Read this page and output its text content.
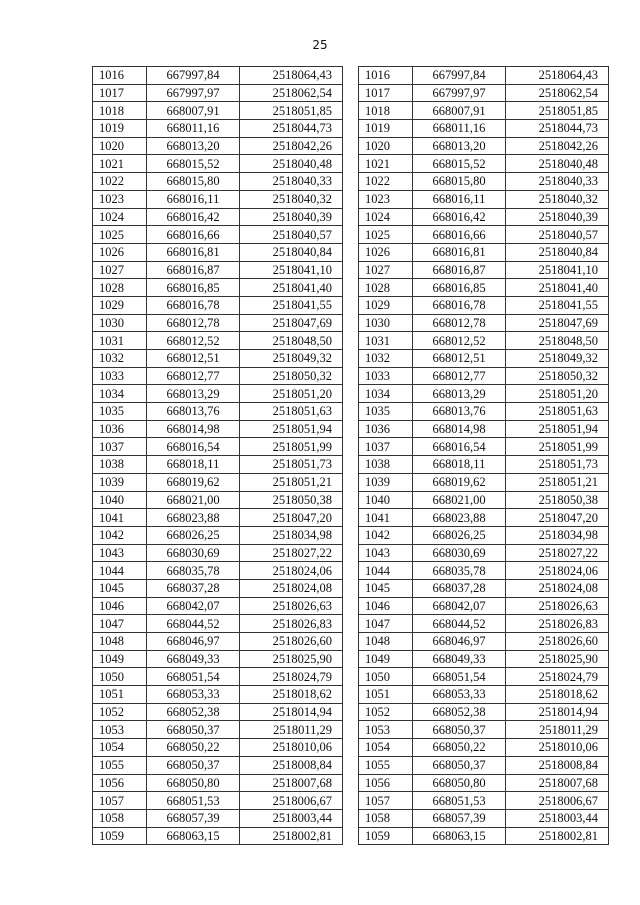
25
1016	667997,84	2518064,43
1017	667997,97	2518062,54
1018	668007,91	2518051,85
1019	668011,16	2518044,73
1020	668013,20	2518042,26
1021	668015,52	2518040,48
1022	668015,80	2518040,33
1023	668016,11	2518040,32
1024	668016,42	2518040,39
1025	668016,66	2518040,57
1026	668016,81	2518040,84
1027	668016,87	2518041,10
1028	668016,85	2518041,40
1029	668016,78	2518041,55
1030	668012,78	2518047,69
1031	668012,52	2518048,50
1032	668012,51	2518049,32
1033	668012,77	2518050,32
1034	668013,29	2518051,20
1035	668013,76	2518051,63
1036	668014,98	2518051,94
1037	668016,54	2518051,99
1038	668018,11	2518051,73
1039	668019,62	2518051,21
1040	668021,00	2518050,38
1041	668023,88	2518047,20
1042	668026,25	2518034,98
1043	668030,69	2518027,22
1044	668035,78	2518024,06
1045	668037,28	2518024,08
1046	668042,07	2518026,63
1047	668044,52	2518026,83
1048	668046,97	2518026,60
1049	668049,33	2518025,90
1050	668051,54	2518024,79
1051	668053,33	2518018,62
1052	668052,38	2518014,94
1053	668050,37	2518011,29
1054	668050,22	2518010,06
1055	668050,37	2518008,84
1056	668050,80	2518007,68
1057	668051,53	2518006,67
1058	668057,39	2518003,44
1059	668063,15	2518002,81
1016	667997,84	2518064,43
1017	667997,97	2518062,54
1018	668007,91	2518051,85
1019	668011,16	2518044,73
1020	668013,20	2518042,26
1021	668015,52	2518040,48
1022	668015,80	2518040,33
1023	668016,11	2518040,32
1024	668016,42	2518040,39
1025	668016,66	2518040,57
1026	668016,81	2518040,84
1027	668016,87	2518041,10
1028	668016,85	2518041,40
1029	668016,78	2518041,55
1030	668012,78	2518047,69
1031	668012,52	2518048,50
1032	668012,51	2518049,32
1033	668012,77	2518050,32
1034	668013,29	2518051,20
1035	668013,76	2518051,63
1036	668014,98	2518051,94
1037	668016,54	2518051,99
1038	668018,11	2518051,73
1039	668019,62	2518051,21
1040	668021,00	2518050,38
1041	668023,88	2518047,20
1042	668026,25	2518034,98
1043	668030,69	2518027,22
1044	668035,78	2518024,06
1045	668037,28	2518024,08
1046	668042,07	2518026,63
1047	668044,52	2518026,83
1048	668046,97	2518026,60
1049	668049,33	2518025,90
1050	668051,54	2518024,79
1051	668053,33	2518018,62
1052	668052,38	2518014,94
1053	668050,37	2518011,29
1054	668050,22	2518010,06
1055	668050,37	2518008,84
1056	668050,80	2518007,68
1057	668051,53	2518006,67
1058	668057,39	2518003,44
1059	668063,15	2518002,81
